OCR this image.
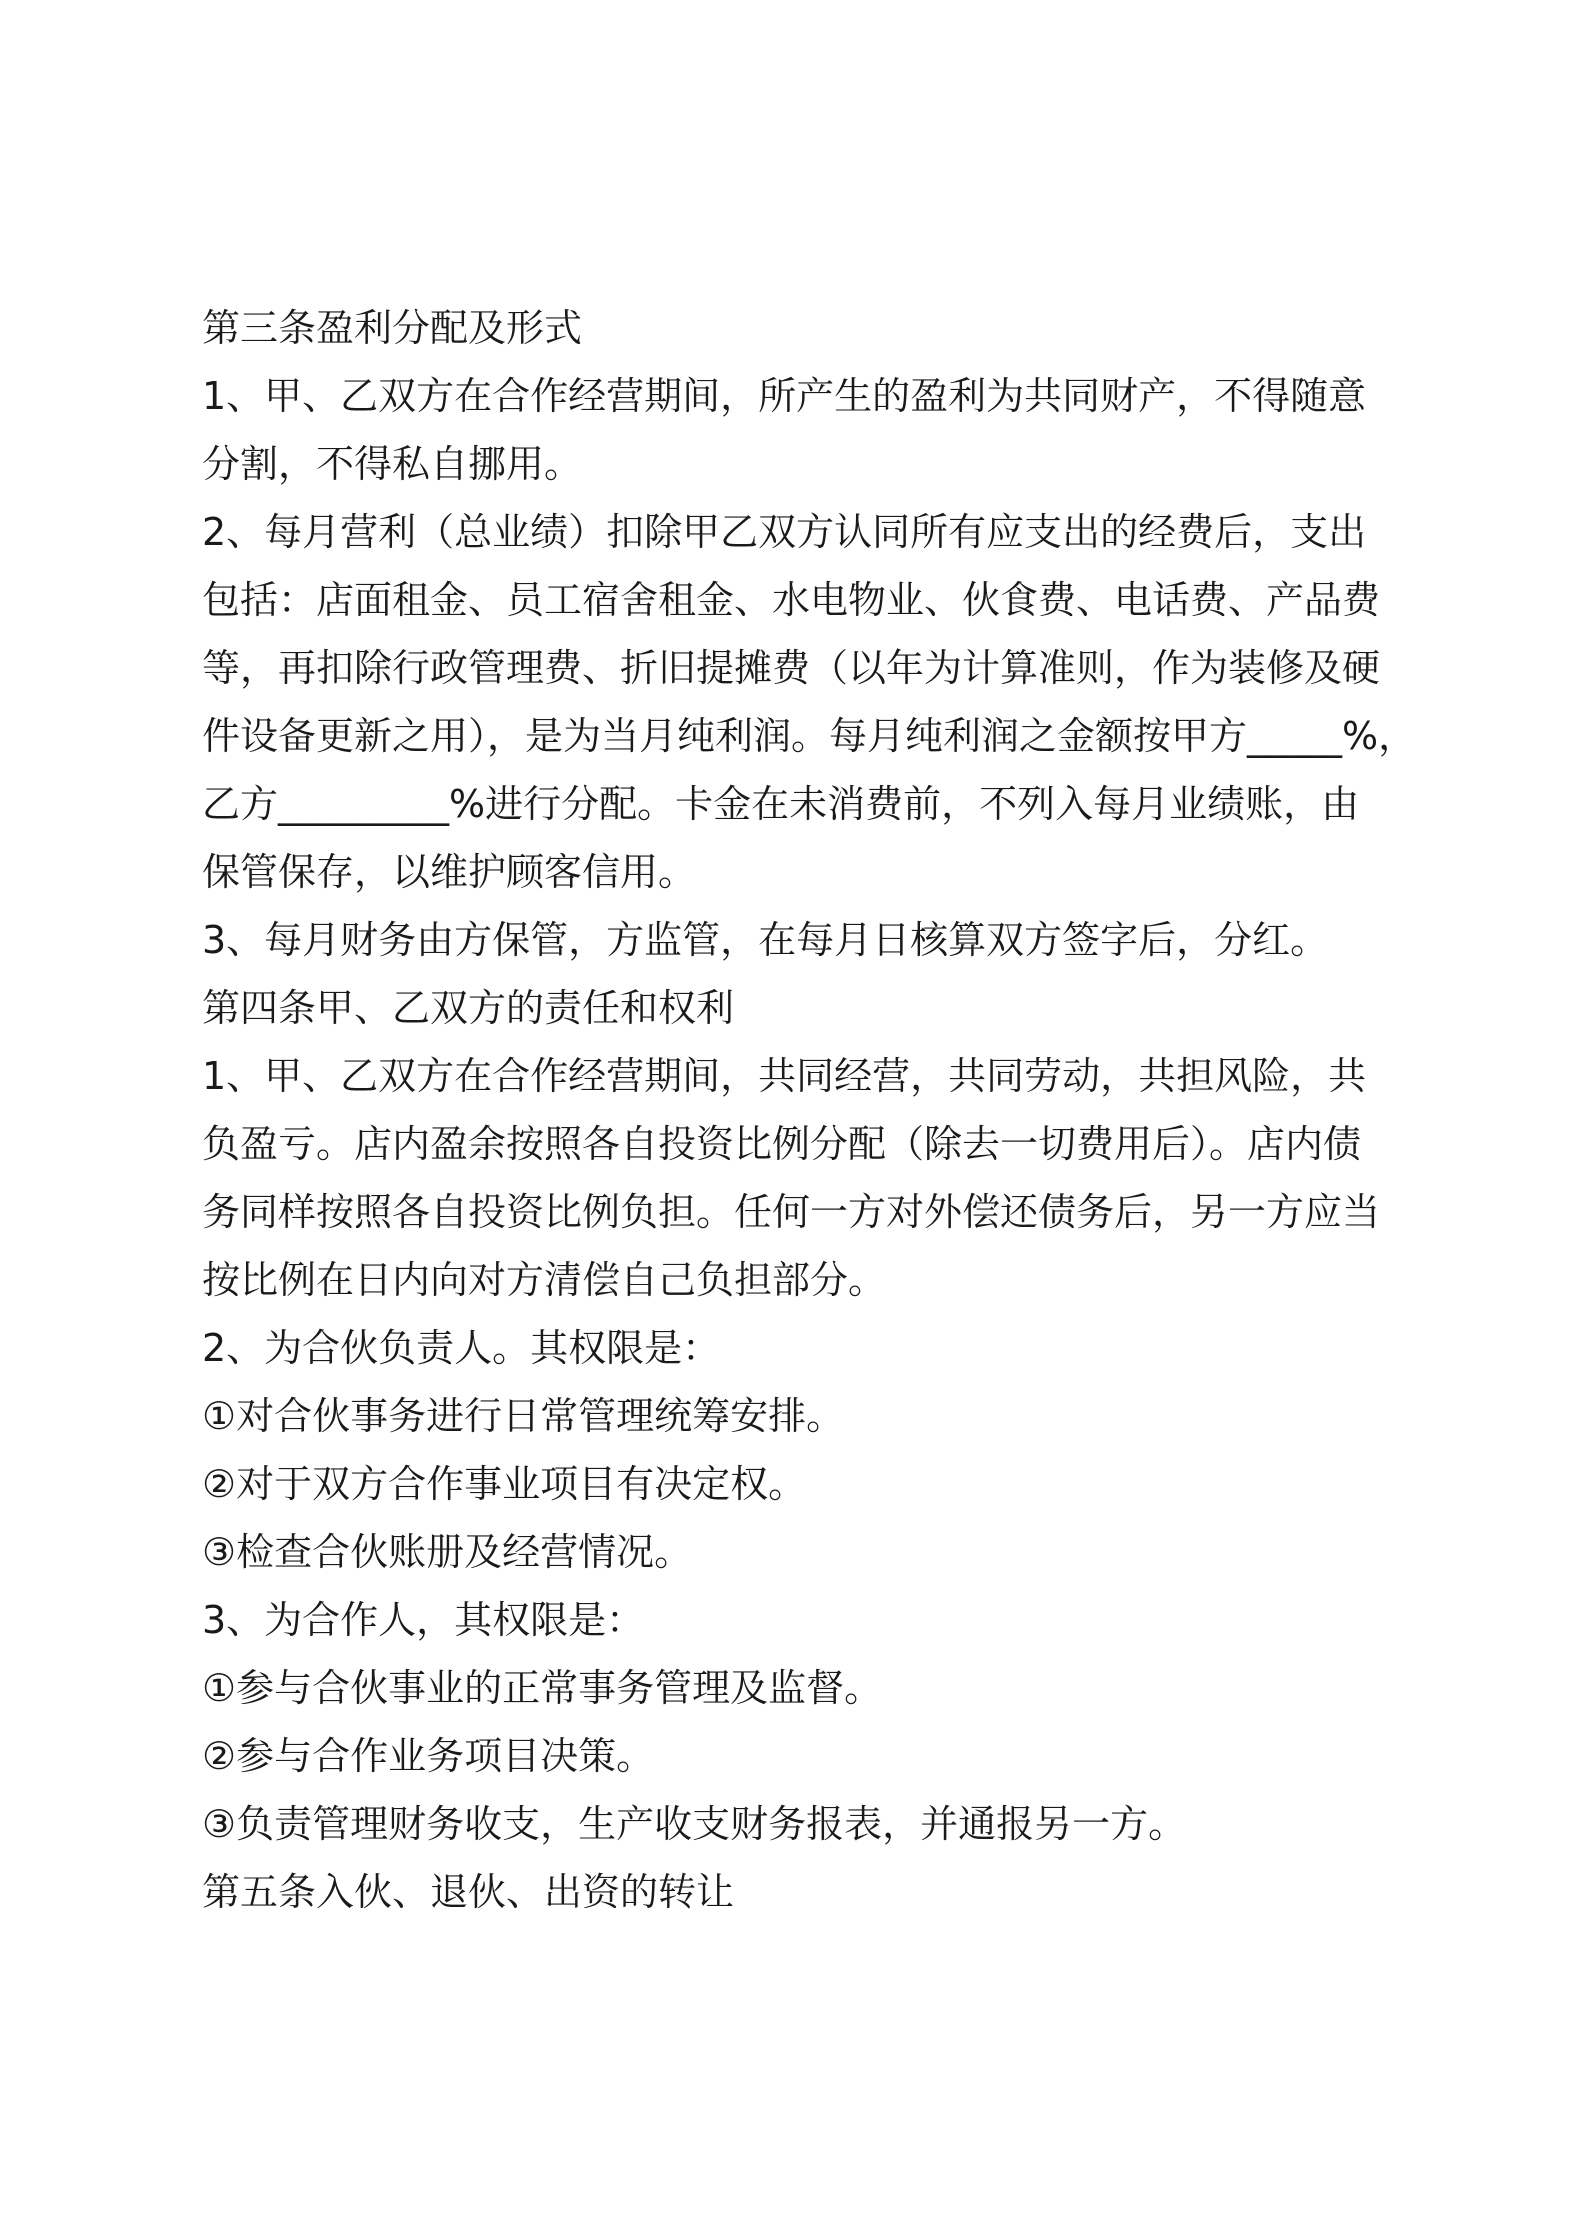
第三条盈利分配及形式
1、甲、乙双方在合作经营期间，所产生的盈利为共同财产，不得随意
分割，不得私自挪用。
2、每月营利（总业绩）扣除甲乙双方认同所有应支出的经费后，支出
包括：店面租金、员工宿舍租金、水电物业、伙食费、电话费、产品费
等，再扣除行政管理费、折旧提摊费（以年为计算准则，作为装修及硬
件设备更新之用），是为当月纯利润。每月纯利润之金额按甲方_____%，
乙方_________%进行分配。卡金在未消费前，不列入每月业绩账，由
保管保存，以维护顾客信用。
3、每月财务由方保管，方监管，在每月日核算双方签字后，分红。
第四条甲、乙双方的责任和权利
1、甲、乙双方在合作经营期间，共同经营，共同劳动，共担风险，共
负盈亏。店内盈余按照各自投资比例分配（除去一切费用后）。店内债
务同样按照各自投资比例负担。任何一方对外偿还债务后，另一方应当
按比例在日内向对方清偿自己负担部分。
2、为合伙负责人。其权限是：
①对合伙事务进行日常管理统筹安排。
②对于双方合作事业项目有决定权。
③检查合伙账册及经营情况。
3、为合作人，其权限是：
①参与合伙事业的正常事务管理及监督。
②参与合作业务项目决策。
③负责管理财务收支，生产收支财务报表，并通报另一方。
第五条入伙、退伙、出资的转让
